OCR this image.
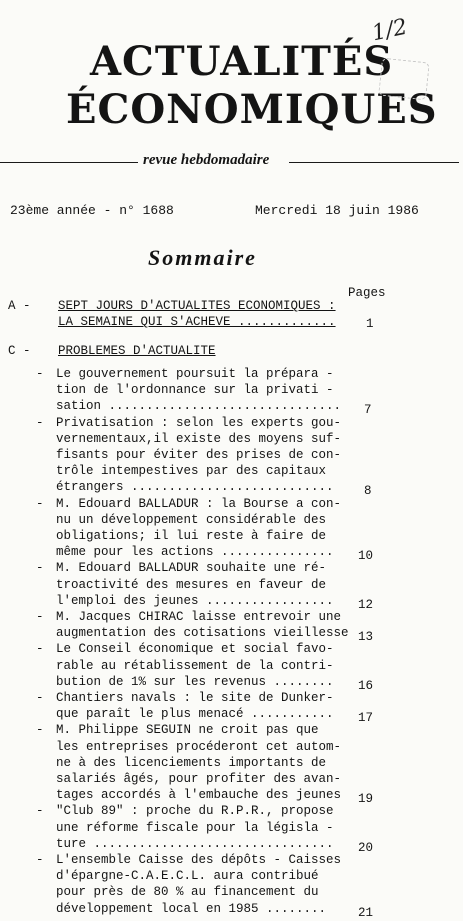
ACTUALITÉS
ÉCONOMIQUES
1/2
revue hebdomadaire
23ème année - n° 1688	Mercredi 18 juin 1986
Sommaire
Pages
A - SEPT JOURS D'ACTUALITES ECONOMIQUES :
LA SEMAINE QUI S'ACHEVE ............. 1
C - PROBLEMES D'ACTUALITE
- Le gouvernement poursuit la prépara -
tion de l'ordonnance sur la privati -
sation ............................... 7
- Privatisation : selon les experts gou-
vernementaux,il existe des moyens suf-
fisants pour éviter des prises de con-
trôle intempestives par des capitaux
étrangers ........................... 8
- M. Edouard BALLADUR : la Bourse a con-
nu un développement considérable des
obligations; il lui reste à faire de
même pour les actions ............... 10
- M. Edouard BALLADUR souhaite une ré-
troactivité des mesures en faveur de
l'emploi des jeunes ................. 12
- M. Jacques CHIRAC laisse entrevoir une
augmentation des cotisations vieillesse 13
- Le Conseil économique et social favo-
rable au rétablissement de la contri-
bution de 1% sur les revenus ........ 16
- Chantiers navals : le site de Dunker-
que paraît le plus menacé ........... 17
- M. Philippe SEGUIN ne croit pas que
les entreprises procéderont cet autom-
ne à des licenciements importants de
salariés âgés, pour profiter des avan-
tages accordés à l'embauche des jeunes 19
- "Club 89" : proche du R.P.R., propose
une réforme fiscale pour la législa -
ture ................................ 20
- L'ensemble Caisse des dépôts - Caisses
d'épargne-C.A.E.C.L. aura contribué
pour près de 80 % au financement du
développement local en 1985 ........	21
